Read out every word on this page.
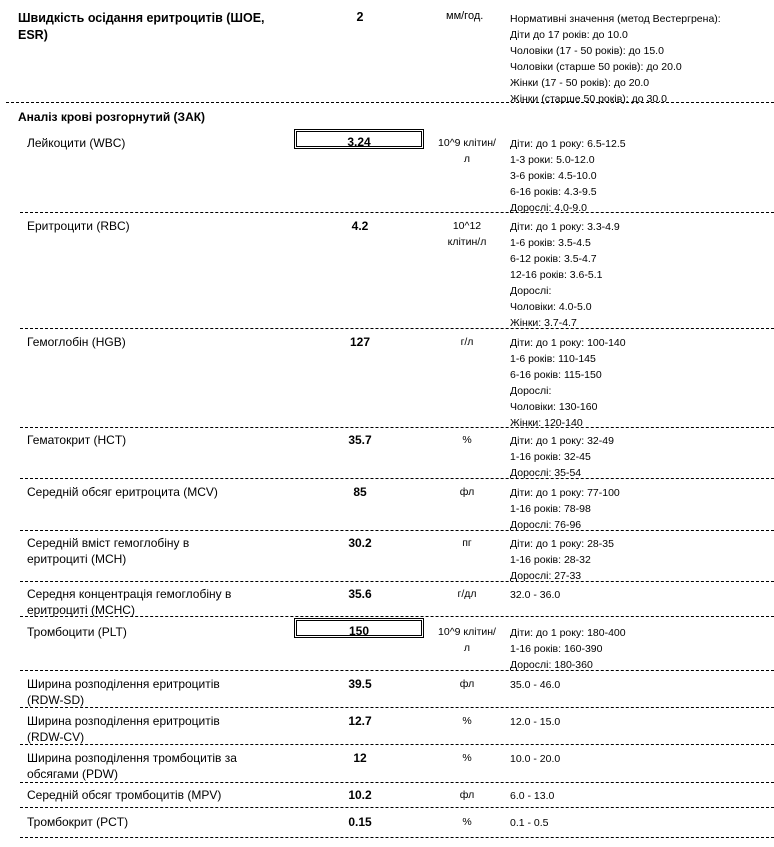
Швидкість осідання еритроцитів (ШОЕ, ESR)
2	мм/год.	Нормативні значення (метод Вестергрена):
Діти до 17 років: до 10.0
Чоловіки (17 - 50 років): до 15.0
Чоловіки (старше 50 років): до 20.0
Жінки (17 - 50 років): до 20.0
Жінки (старше 50 років): до 30.0
Аналіз крові розгорнутий (ЗАК)
Лейкоцити (WBC)	3.24	10^9 клітин/л
Діти: до 1 року: 6.5-12.5
1-3 роки: 5.0-12.0
3-6 років: 4.5-10.0
6-16 років: 4.3-9.5
Дорослі: 4.0-9.0
Еритроцити (RBC)	4.2	10^12 клітин/л
Діти: до 1 року: 3.3-4.9
1-6 років: 3.5-4.5
6-12 років: 3.5-4.7
12-16 років: 3.6-5.1
Дорослі:
Чоловіки: 4.0-5.0
Жінки: 3.7-4.7
Гемоглобін (HGB)	127	г/л	Діти: до 1 року: 100-140
1-6 років: 110-145
6-16 років: 115-150
Дорослі:
Чоловіки: 130-160
Жінки: 120-140
Гематокрит (HCT)	35.7	%	Діти: до 1 року: 32-49
1-16 років: 32-45
Дорослі: 35-54
Середній обсяг еритроцита (MCV)	85	фл	Діти: до 1 року: 77-100
1-16 років: 78-98
Дорослі: 76-96
Середній вміст гемоглобіну в еритроциті (MCH)
30.2	пг	Діти: до 1 року: 28-35
1-16 років: 28-32
Дорослі: 27-33
Середня концентрація гемоглобіну в еритроциті (MCHC)
35.6	г/дл	32.0 - 36.0
Тромбоцити (PLT)	150	10^9 клітин/л
Діти: до 1 року: 180-400
1-16 років: 160-390
Дорослі: 180-360
Ширина розподілення еритроцитів (RDW-SD)
39.5	фл	35.0 - 46.0
Ширина розподілення еритроцитів (RDW-CV)
12.7	%	12.0 - 15.0
Ширина розподілення тромбоцитів за обсягами (PDW)
12	%	10.0 - 20.0
Середній обсяг тромбоцитів (MPV)	10.2	фл	6.0 - 13.0
Тромбокрит (PCT)	0.15	%	0.1 - 0.5
